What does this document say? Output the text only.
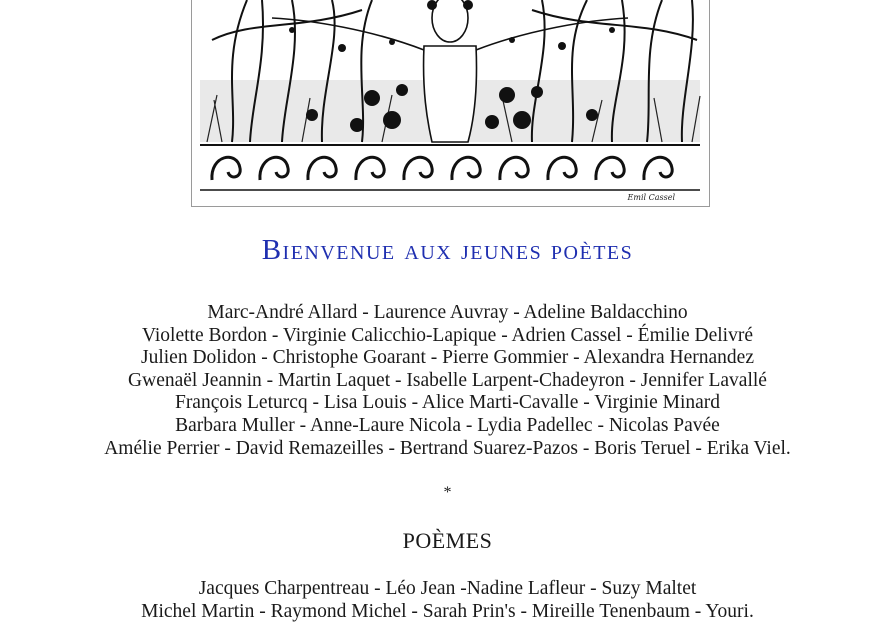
Emil Cassel
Bienvenue aux jeunes poètes
Marc-André Allard - Laurence Auvray - Adeline Baldacchino
Violette Bordon - Virginie Calicchio-Lapique - Adrien Cassel - Émilie Delivré
Julien Dolidon - Christophe Goarant - Pierre Gommier - Alexandra Hernandez
Gwenaël Jeannin - Martin Laquet - Isabelle Larpent-Chadeyron - Jennifer Lavallé
François Leturcq - Lisa Louis - Alice Marti-Cavalle - Virginie Minard
Barbara Muller - Anne-Laure Nicola - Lydia Padellec - Nicolas Pavée
Amélie Perrier - David Remazeilles - Bertrand Suarez-Pazos - Boris Teruel - Erika Viel.
*
POÈMES
Jacques Charpentreau - Léo Jean -Nadine Lafleur - Suzy Maltet
Michel Martin - Raymond Michel - Sarah Prin's - Mireille Tenenbaum - Youri.
